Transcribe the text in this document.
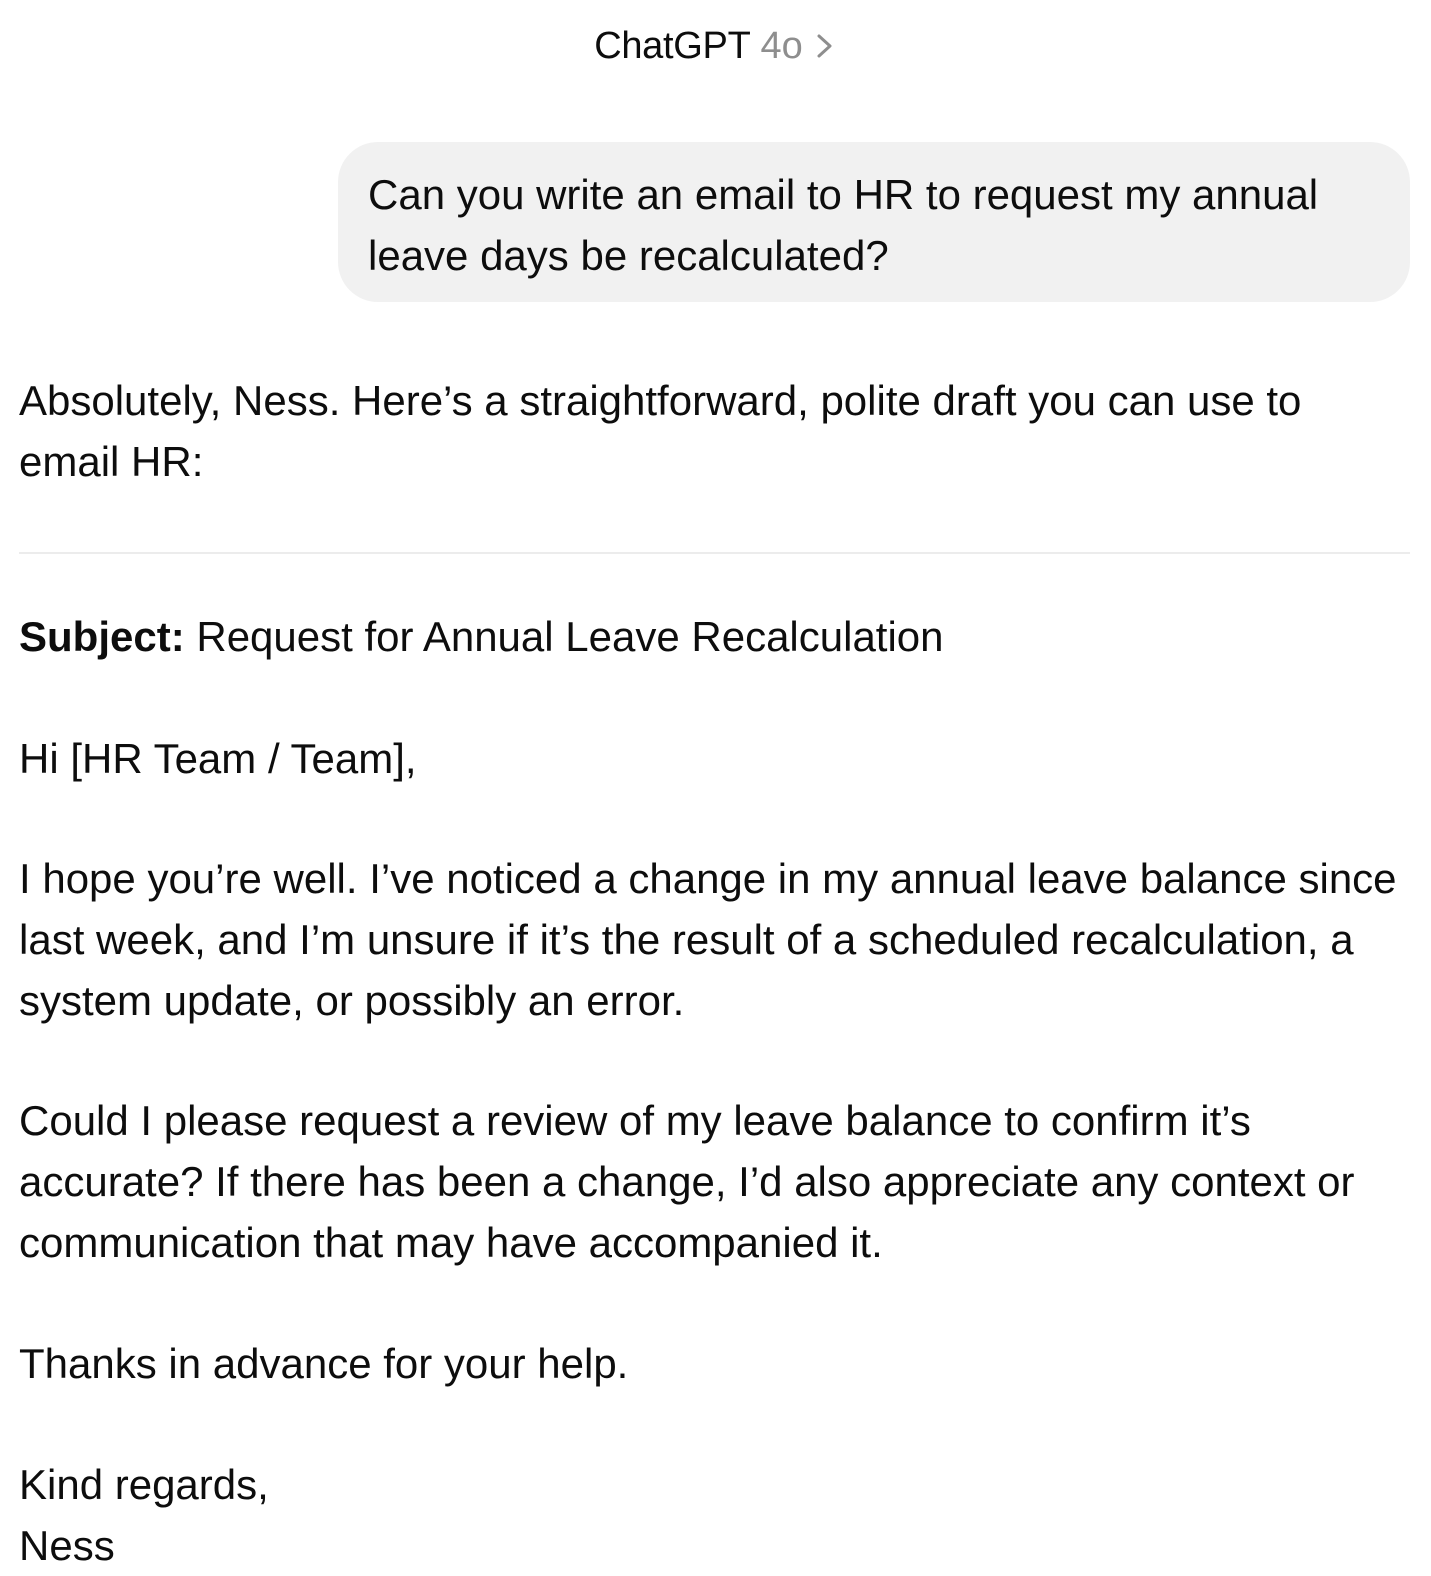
ChatGPT 4o
Can you write an email to HR to request my annual leave days be recalculated?

Absolutely, Ness. Here’s a straightforward, polite draft you can use to email HR:

Subject: Request for Annual Leave Recalculation

Hi [HR Team / Team],

I hope you’re well. I’ve noticed a change in my annual leave balance since last week, and I’m unsure if it’s the result of a scheduled recalculation, a system update, or possibly an error.

Could I please request a review of my leave balance to confirm it’s accurate? If there has been a change, I’d also appreciate any context or communication that may have accompanied it.

Thanks in advance for your help.

Kind regards,
Ness
